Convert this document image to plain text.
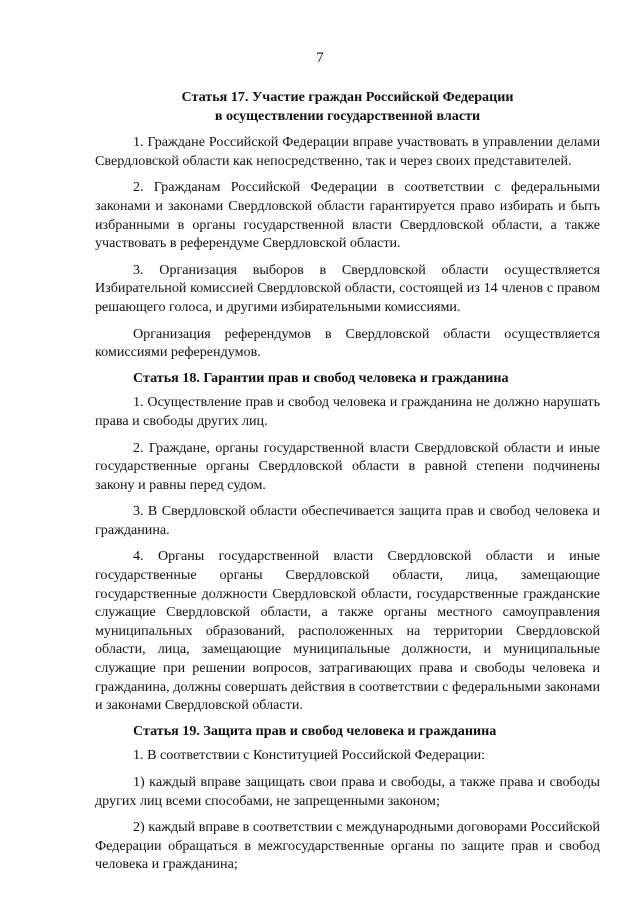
7
Статья 17. Участие граждан Российской Федерации
в осуществлении государственной власти

1. Граждане Российской Федерации вправе участвовать в управлении делами Свердловской области как непосредственно, так и через своих представителей.

2. Гражданам Российской Федерации в соответствии с федеральными законами и законами Свердловской области гарантируется право избирать и быть избранными в органы государственной власти Свердловской области, а также участвовать в референдуме Свердловской области.

3. Организация выборов в Свердловской области осуществляется Избирательной комиссией Свердловской области, состоящей из 14 членов с правом решающего голоса, и другими избирательными комиссиями.

Организация референдумов в Свердловской области осуществляется комиссиями референдумов.

Статья 18. Гарантии прав и свобод человека и гражданина

1. Осуществление прав и свобод человека и гражданина не должно нарушать права и свободы других лиц.

2. Граждане, органы государственной власти Свердловской области и иные государственные органы Свердловской области в равной степени подчинены закону и равны перед судом.

3. В Свердловской области обеспечивается защита прав и свобод человека и гражданина.

4. Органы государственной власти Свердловской области и иные государственные органы Свердловской области, лица, замещающие государственные должности Свердловской области, государственные гражданские служащие Свердловской области, а также органы местного самоуправления муниципальных образований, расположенных на территории Свердловской области, лица, замещающие муниципальные должности, и муниципальные служащие при решении вопросов, затрагивающих права и свободы человека и гражданина, должны совершать действия в соответствии с федеральными законами и законами Свердловской области.

Статья 19. Защита прав и свобод человека и гражданина

1. В соответствии с Конституцией Российской Федерации:

1) каждый вправе защищать свои права и свободы, а также права и свободы других лиц всеми способами, не запрещенными законом;

2) каждый вправе в соответствии с международными договорами Российской Федерации обращаться в межгосударственные органы по защите прав и свобод человека и гражданина;
